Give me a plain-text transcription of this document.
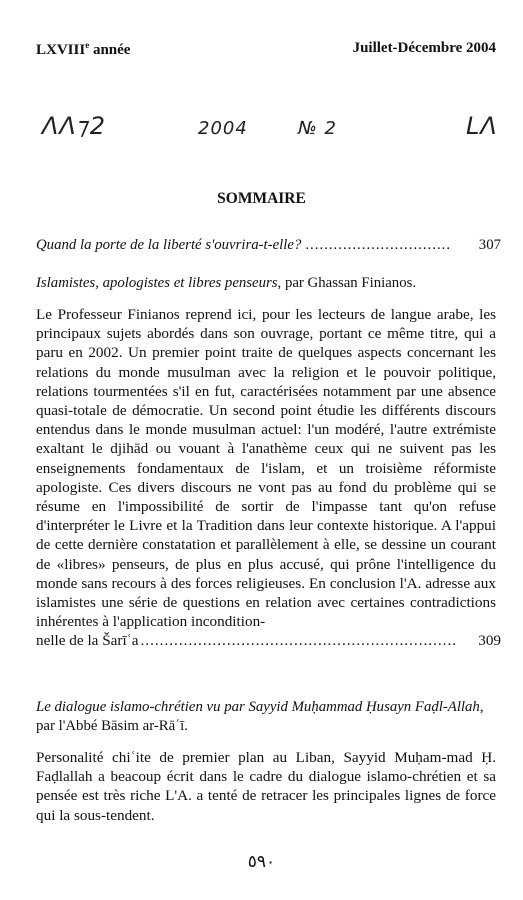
LXVIIIe année	Juillet-Décembre 2004
ΛΛ⁊2	2004	№ 2	LΛ
SOMMAIRE
Quand la porte de la liberté s'ouvrira-t-elle? .....	307
Islamistes, apologistes et libres penseurs, par Ghassan Finianos.
Le Professeur Finianos reprend ici, pour les lecteurs de langue arabe, les principaux sujets abordés dans son ouvrage, portant ce même titre, qui a paru en 2002. Un premier point traite de quelques aspects concernant les relations du monde musulman avec la religion et le pouvoir politique, relations tourmentées s'il en fut, caractérisées notamment par une absence quasi-totale de démocratie. Un second point étudie les différents discours entendus dans le monde musulman actuel: l'un modéré, l'autre extrémiste exaltant le djihād ou vouant à l'anathème ceux qui ne suivent pas les enseignements fondamentaux de l'islam, et un troisième réformiste apologiste. Ces divers discours ne vont pas au fond du problème qui se résume en l'impossibilité de sortir de l'impasse tant qu'on refuse d'interpréter le Livre et la Tradition dans leur contexte historique. A l'appui de cette dernière constatation et parallèlement à elle, se dessine un courant de «libres» penseurs, de plus en plus accusé, qui prône l'intelligence du monde sans recours à des forces religieuses. En conclusion l'A. adresse aux islamistes une série de questions en relation avec certaines contradictions inhérentes à l'application incondition-
nelle de la Šarīʿa .....	309
Le dialogue islamo-chrétien vu par Sayyid Muḥammad Ḥusayn Faḍl-Allah, par l'Abbé Bāsim ar-Rāʿī.
Personalité chiʿite de premier plan au Liban, Sayyid Muḥam-mad Ḥ. Faḍlallah a beacoup écrit dans le cadre du dialogue islamo-chrétien et sa pensée est très riche L'A. a tenté de retracer les principales lignes de force qui la sous-tendent.
٥٩٠
